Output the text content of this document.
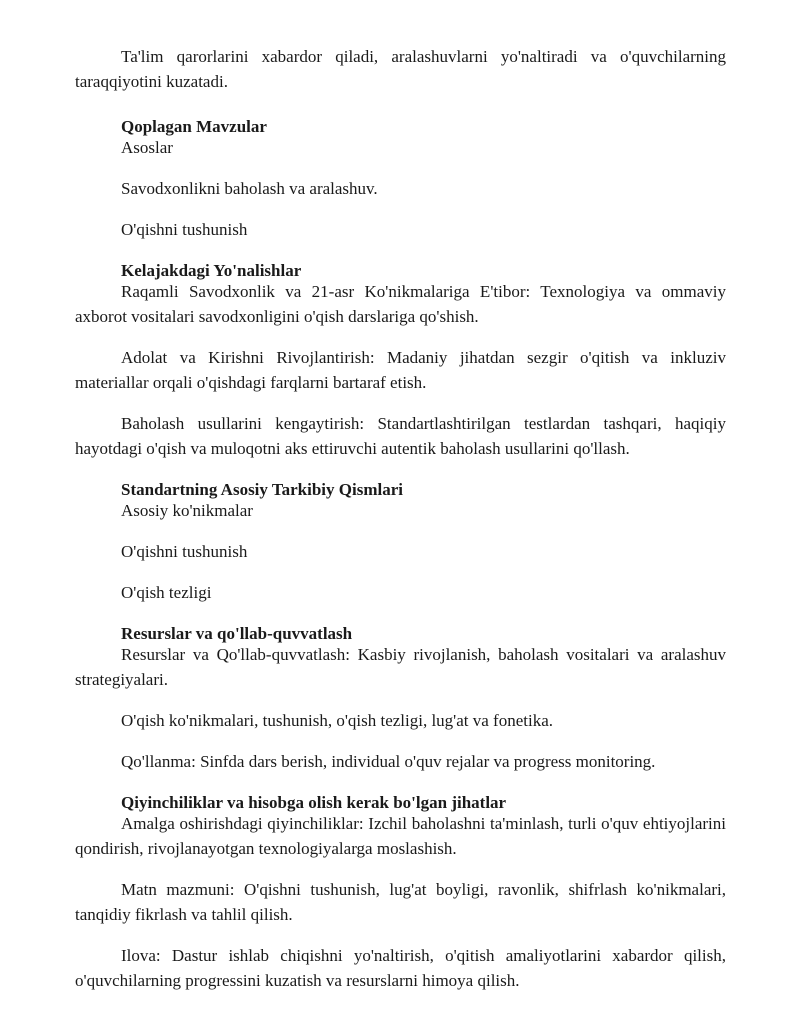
Ta'lim qarorlarini xabardor qiladi, aralashuvlarni yo'naltiradi va o'quvchilarning taraqqiyotini kuzatadi.

Qoplagan Mavzular

Asoslar

Savodxonlikni baholash va aralashuv.

O'qishni tushunish

Kelajakdagi Yo'nalishlar

Raqamli Savodxonlik va 21-asr Ko'nikmalariga E'tibor: Texnologiya va ommaviy axborot vositalari savodxonligini o'qish darslariga qo'shish.

Adolat va Kirishni Rivojlantirish: Madaniy jihatdan sezgir o'qitish va inkluziv materiallar orqali o'qishdagi farqlarni bartaraf etish.

Baholash usullarini kengaytirish: Standartlashtirilgan testlardan tashqari, haqiqiy hayotdagi o'qish va muloqotni aks ettiruvchi autentik baholash usullarini qo'llash.

Standartning Asosiy Tarkibiy Qismlari

Asosiy ko'nikmalar

O'qishni tushunish

O'qish tezligi

Resurslar va qo'llab-quvvatlash

Resurslar va Qo'llab-quvvatlash: Kasbiy rivojlanish, baholash vositalari va aralashuv strategiyalari.

O'qish ko'nikmalari, tushunish, o'qish tezligi, lug'at va fonetika.

Qo'llanma: Sinfda dars berish, individual o'quv rejalar va progress monitoring.

Qiyinchiliklar va hisobga olish kerak bo'lgan jihatlar

Amalga oshirishdagi qiyinchiliklar: Izchil baholashni ta'minlash, turli o'quv ehtiyojlarini qondirish, rivojlanayotgan texnologiyalarga moslashish.

Matn mazmuni: O'qishni tushunish, lug'at boyligi, ravonlik, shifrlash ko'nikmalari, tanqidiy fikrlash va tahlil qilish.

Ilova: Dastur ishlab chiqishni yo'naltirish, o'qitish amaliyotlarini xabardor qilish, o'quvchilarning progressini kuzatish va resurslarni himoya qilish.
